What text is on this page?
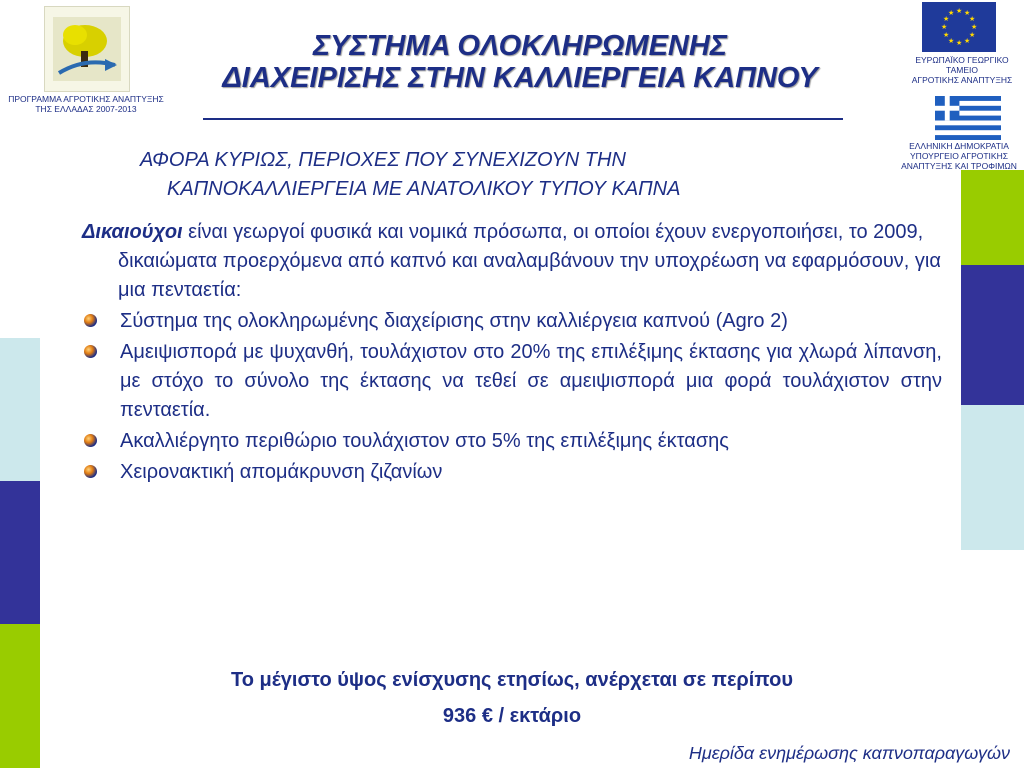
ΠΡΟΓΡΑΜΜΑ ΑΓΡΟΤΙΚΗΣ ΑΝΑΠΤΥΞΗΣ
ΤΗΣ ΕΛΛΑΔΑΣ 2007-2013
★ ★
★
★
★
★
★
★
★
★
★
★
ΕΥΡΩΠΑΪΚΟ ΓΕΩΡΓΙΚΟ
ΤΑΜΕΙΟ
ΑΓΡΟΤΙΚΗΣ ΑΝΑΠΤΥΞΗΣ
ΕΛΛΗΝΙΚΗ ΔΗΜΟΚΡΑΤΙΑ
ΥΠΟΥΡΓΕΙΟ ΑΓΡΟΤΙΚΗΣ
ΑΝΑΠΤΥΞΗΣ ΚΑΙ ΤΡΟΦΙΜΩΝ
ΣΥΣΤΗΜΑ ΟΛΟΚΛΗΡΩΜΕΝΗΣ
ΔΙΑΧΕΙΡΙΣΗΣ ΣΤΗΝ ΚΑΛΛΙΕΡΓΕΙΑ ΚΑΠΝΟΥ
ΑΦΟΡΑ ΚΥΡΙΩΣ, ΠΕΡΙΟΧΕΣ ΠΟΥ ΣΥΝΕΧΙΖΟΥΝ ΤΗΝ
ΚΑΠΝΟΚΑΛΛΙΕΡΓΕΙΑ ΜΕ ΑΝΑΤΟΛΙΚΟΥ ΤΥΠΟΥ ΚΑΠΝΑ
Δικαιούχοι είναι γεωργοί φυσικά και νομικά πρόσωπα, οι οποίοι έχουν ενεργοποιήσει, το 2009, δικαιώματα προερχόμενα από καπνό και αναλαμβάνουν την υποχρέωση να εφαρμόσουν, για μια πενταετία:
Σύστημα της ολοκληρωμένης διαχείρισης στην καλλιέργεια καπνού (Agro 2)
Αμειψισπορά με ψυχανθή, τουλάχιστον στο 20% της επιλέξιμης έκτασης για χλωρά λίπανση, με στόχο το σύνολο της έκτασης να τεθεί σε αμειψισπορά μια φορά τουλάχιστον στην πενταετία.
Ακαλλιέργητο περιθώριο τουλάχιστον στο 5% της επιλέξιμης έκτασης
Χειρονακτική απομάκρυνση ζιζανίων
Το μέγιστο ύψος ενίσχυσης ετησίως, ανέρχεται σε περίπου
936 € / εκτάριο
Ημερίδα ενημέρωσης καπνοπαραγωγών
